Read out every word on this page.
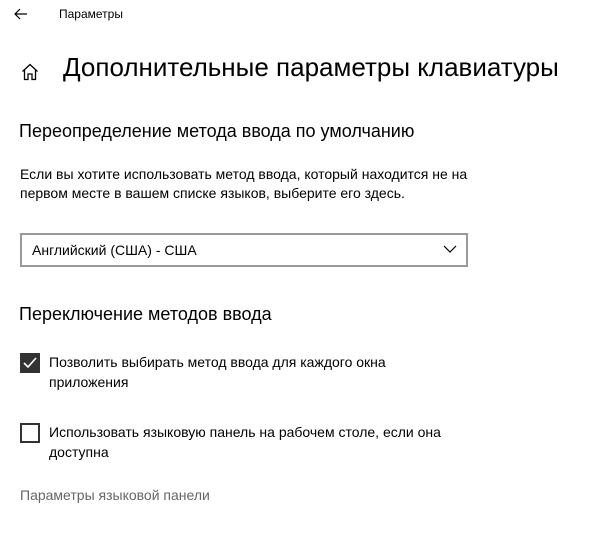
Параметры
Дополнительные параметры клавиатуры
Переопределение метода ввода по умолчанию
Если вы хотите использовать метод ввода, который находится не на первом месте в вашем списке языков, выберите его здесь.
Английский (США) - США
Переключение методов ввода
Позволить выбирать метод ввода для каждого окна приложения
Использовать языковую панель на рабочем столе, если она доступна
Параметры языковой панели
